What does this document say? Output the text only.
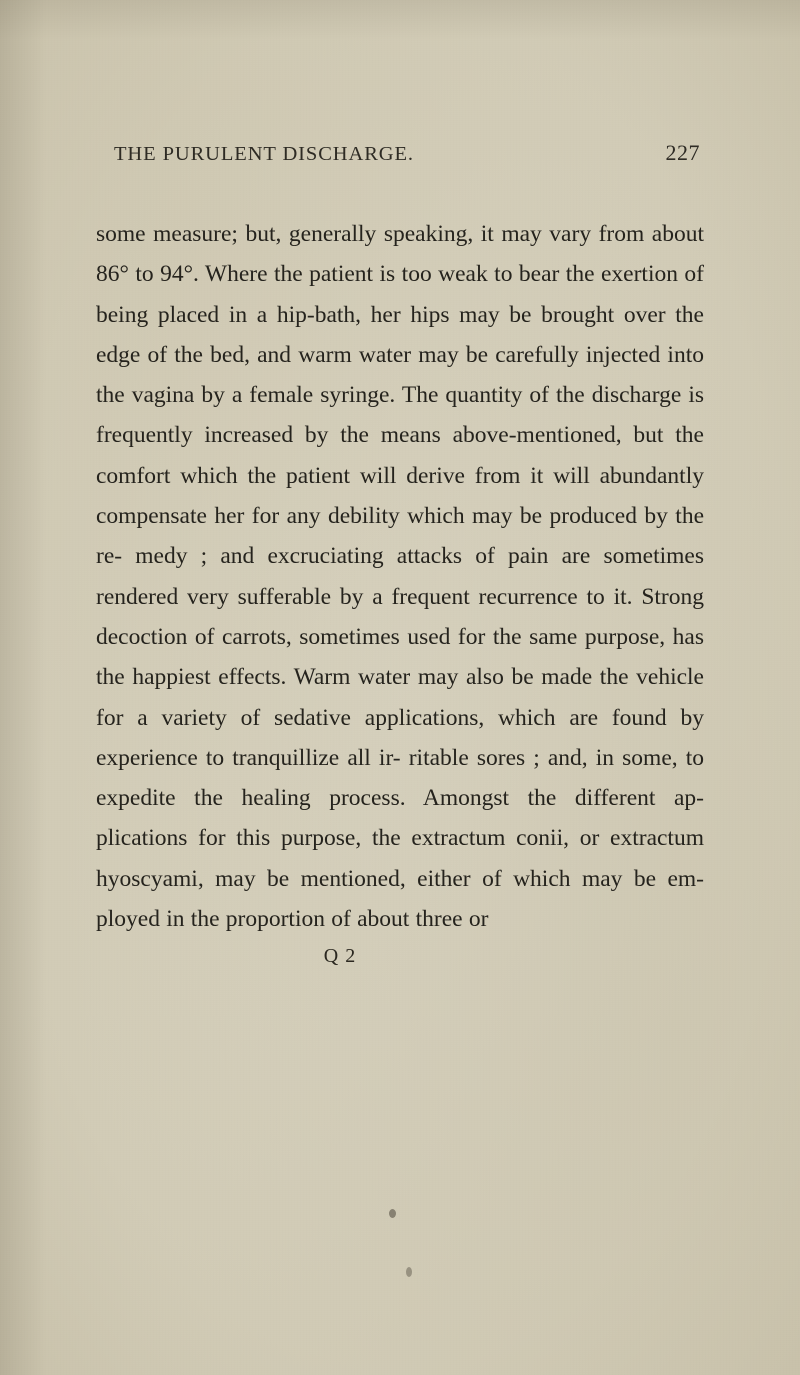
THE PURULENT DISCHARGE.	227

some measure; but, generally speaking, it may vary from about 86° to 94°. Where the patient is too weak to bear the exertion of being placed in a hip-bath, her hips may be brought over the edge of the bed, and warm water may be carefully injected into the vagina by a female syringe. The quantity of the discharge is frequently increased by the means above-mentioned, but the comfort which the patient will derive from it will abundantly compensate her for any debility which may be produced by the re- medy ; and excruciating attacks of pain are sometimes rendered very sufferable by a frequent recurrence to it. Strong decoction of carrots, sometimes used for the same purpose, has the happiest effects. Warm water may also be made the vehicle for a variety of sedative applications, which are found by experience to tranquillize all ir- ritable sores ; and, in some, to expedite the healing process. Amongst the different ap- plications for this purpose, the extractum conii, or extractum hyoscyami, may be mentioned, either of which may be em- ployed in the proportion of about three or

Q 2
